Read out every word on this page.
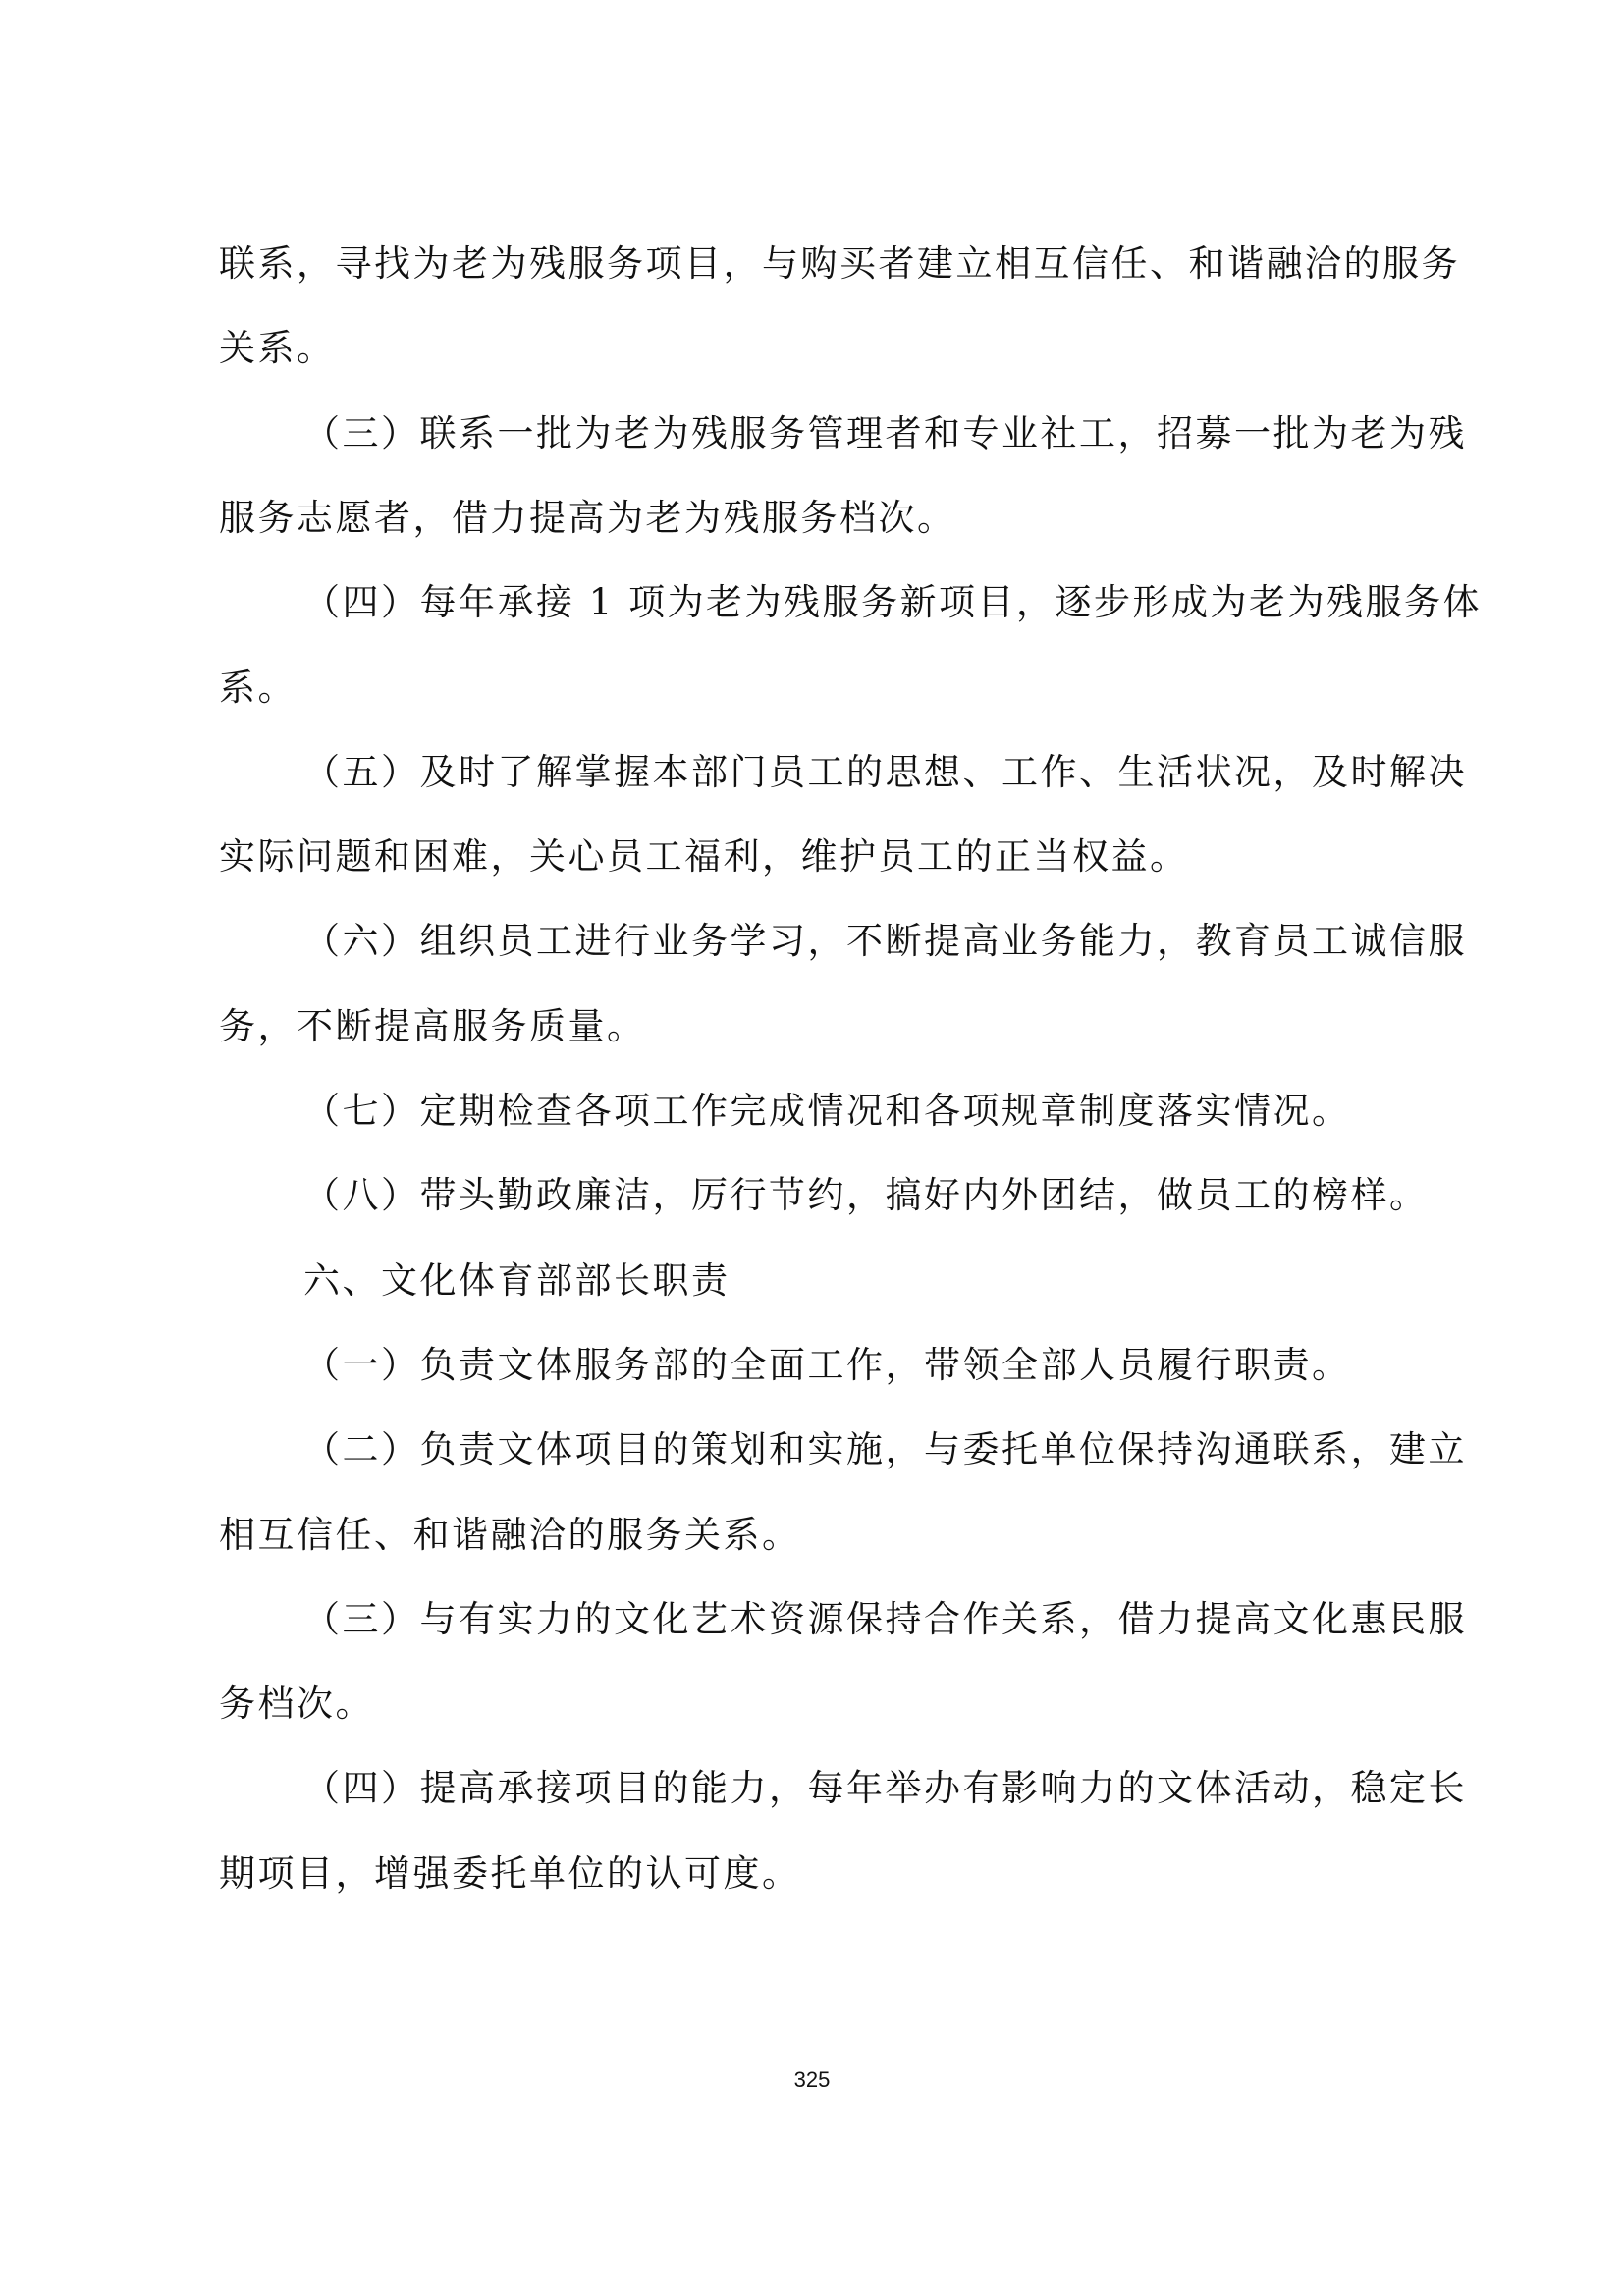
联系，寻找为老为残服务项目，与购买者建立相互信任、和谐融洽的服务
关系。
（三）联系一批为老为残服务管理者和专业社工，招募一批为老为残
服务志愿者，借力提高为老为残服务档次。
（四）每年承接 1 项为老为残服务新项目，逐步形成为老为残服务体
系。
（五）及时了解掌握本部门员工的思想、工作、生活状况，及时解决
实际问题和困难，关心员工福利，维护员工的正当权益。
（六）组织员工进行业务学习，不断提高业务能力，教育员工诚信服
务，不断提高服务质量。
（七）定期检查各项工作完成情况和各项规章制度落实情况。
（八）带头勤政廉洁，厉行节约，搞好内外团结，做员工的榜样。
六、文化体育部部长职责
（一）负责文体服务部的全面工作，带领全部人员履行职责。
（二）负责文体项目的策划和实施，与委托单位保持沟通联系，建立
相互信任、和谐融洽的服务关系。
（三）与有实力的文化艺术资源保持合作关系，借力提高文化惠民服
务档次。
（四）提高承接项目的能力，每年举办有影响力的文体活动，稳定长
期项目，增强委托单位的认可度。
325
